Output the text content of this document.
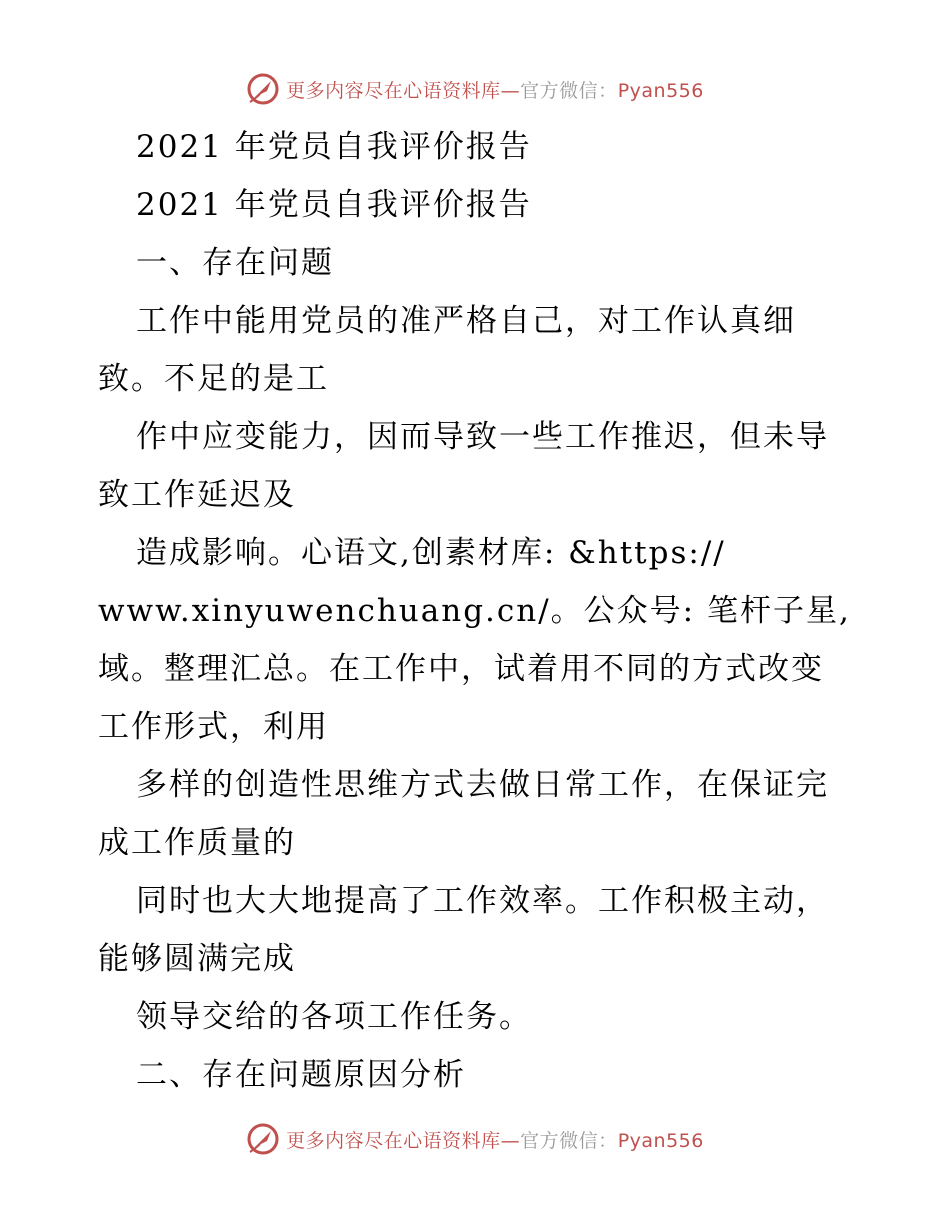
更多内容尽在心语资料库—官方微信：Pyan556
2021 年党员自我评价报告
2021 年党员自我评价报告
一、存在问题
工作中能用党员的准严格自己，对工作认真细
致。不足的是工
作中应变能力，因而导致一些工作推迟，但未导
致工作延迟及
造成影响。心语文,创素材库: &https://
www.xinyuwenchuang.cn/。公众号: 笔杆子星,
域。整理汇总。在工作中，试着用不同的方式改变
工作形式，利用
多样的创造性思维方式去做日常工作，在保证完
成工作质量的
同时也大大地提高了工作效率。工作积极主动，
能够圆满完成
领导交给的各项工作任务。
二、存在问题原因分析
更多内容尽在心语资料库—官方微信：Pyan556
